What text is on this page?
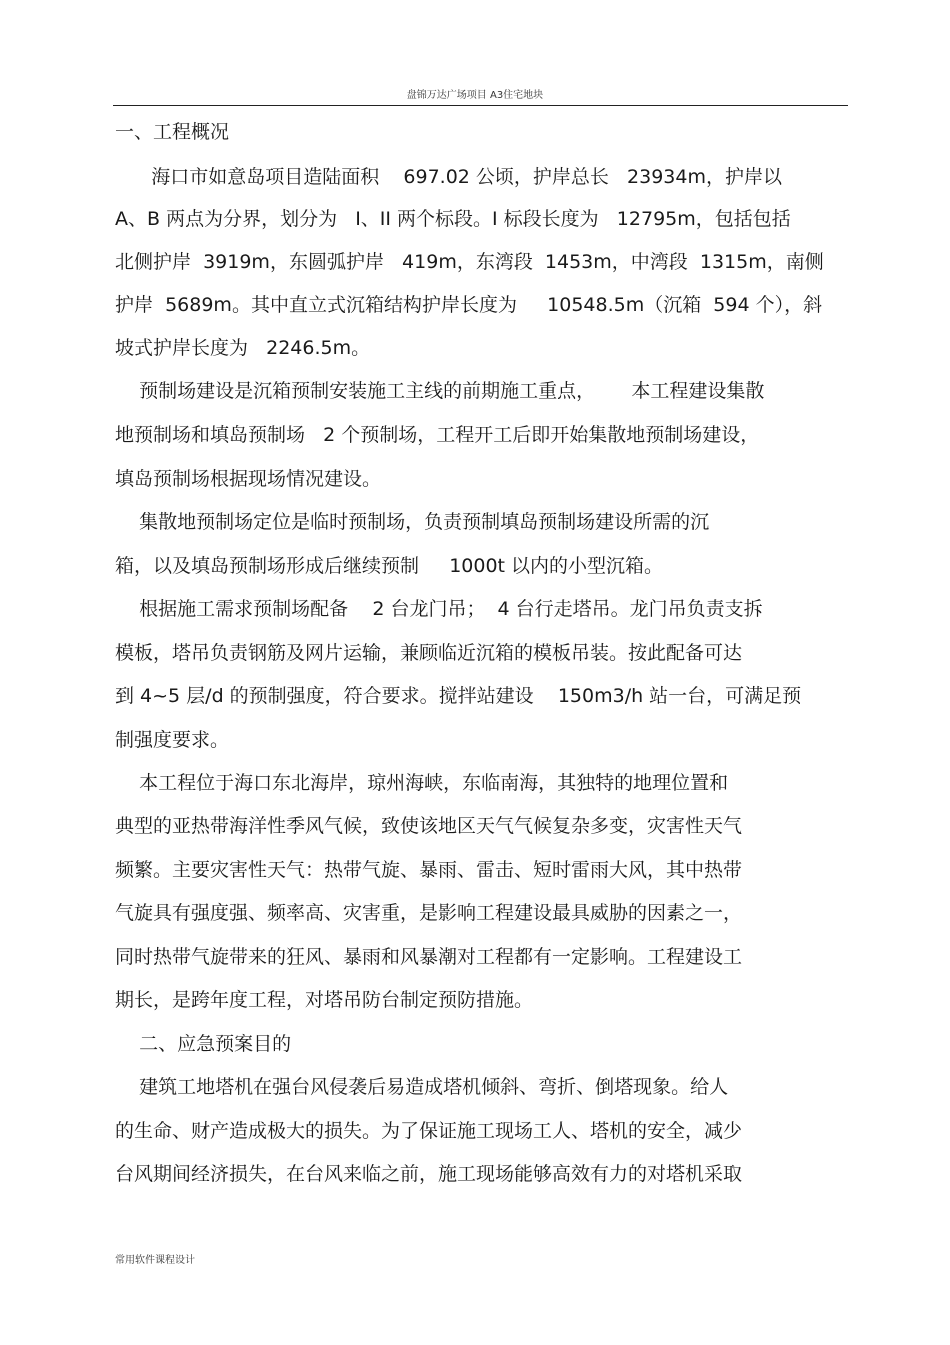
盘锦万达广场项目 A3住宅地块
一、工程概况
海口市如意岛项目造陆面积    697.02 公顷，护岸总长   23934m，护岸以
A、B 两点为分界，划分为   I、II 两个标段。I 标段长度为   12795m，包括包括
北侧护岸  3919m，东圆弧护岸   419m，东湾段  1453m，中湾段  1315m，南侧
护岸  5689m。其中直立式沉箱结构护岸长度为     10548.5m（沉箱  594 个），斜
坡式护岸长度为   2246.5m。
预制场建设是沉箱预制安装施工主线的前期施工重点，      本工程建设集散
地预制场和填岛预制场   2 个预制场，工程开工后即开始集散地预制场建设，
填岛预制场根据现场情况建设。
集散地预制场定位是临时预制场，负责预制填岛预制场建设所需的沉
箱，以及填岛预制场形成后继续预制     1000t 以内的小型沉箱。
根据施工需求预制场配备    2 台龙门吊；  4 台行走塔吊。龙门吊负责支拆
模板，塔吊负责钢筋及网片运输，兼顾临近沉箱的模板吊装。按此配备可达
到 4~5 层/d 的预制强度，符合要求。搅拌站建设    150m3/h 站一台，可满足预
制强度要求。
本工程位于海口东北海岸，琼州海峡，东临南海，其独特的地理位置和
典型的亚热带海洋性季风气候，致使该地区天气气候复杂多变，灾害性天气
频繁。主要灾害性天气：热带气旋、暴雨、雷击、短时雷雨大风，其中热带
气旋具有强度强、频率高、灾害重，是影响工程建设最具威胁的因素之一，
同时热带气旋带来的狂风、暴雨和风暴潮对工程都有一定影响。工程建设工
期长，是跨年度工程，对塔吊防台制定预防措施。
二、应急预案目的
建筑工地塔机在强台风侵袭后易造成塔机倾斜、弯折、倒塔现象。给人
的生命、财产造成极大的损失。为了保证施工现场工人、塔机的安全，减少
台风期间经济损失，在台风来临之前，施工现场能够高效有力的对塔机采取
常用软件课程设计
